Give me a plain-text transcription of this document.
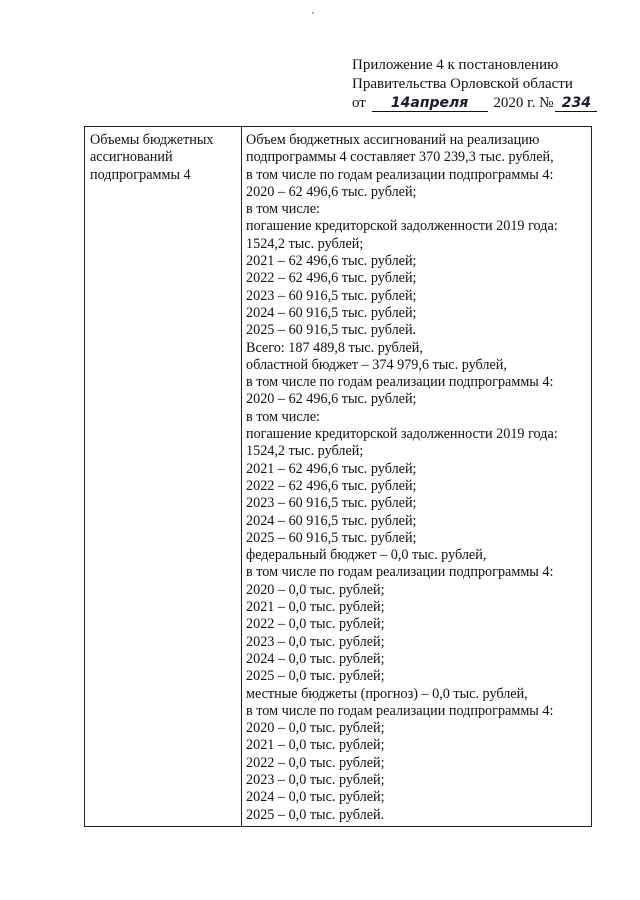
Приложение 4 к постановлению
Правительства Орловской области
от 14апреля 2020 г. № 234
Объемы бюджетных
ассигнований
подпрограммы 4
Объем бюджетных ассигнований на реализацию
подпрограммы 4 составляет 370 239,3 тыс. рублей,
в том числе по годам реализации подпрограммы 4:
2020 – 62 496,6 тыс. рублей;
в том числе:
погашение кредиторской задолженности 2019 года:
1524,2 тыс. рублей;
2021 – 62 496,6 тыс. рублей;
2022 – 62 496,6 тыс. рублей;
2023 – 60 916,5 тыс. рублей;
2024 – 60 916,5 тыс. рублей;
2025 – 60 916,5 тыс. рублей.
Всего: 187 489,8 тыс. рублей,
областной бюджет – 374 979,6 тыс. рублей,
в том числе по годам реализации подпрограммы 4:
2020 – 62 496,6 тыс. рублей;
в том числе:
погашение кредиторской задолженности 2019 года:
1524,2 тыс. рублей;
2021 – 62 496,6 тыс. рублей;
2022 – 62 496,6 тыс. рублей;
2023 – 60 916,5 тыс. рублей;
2024 – 60 916,5 тыс. рублей;
2025 – 60 916,5 тыс. рублей;
федеральный бюджет – 0,0 тыс. рублей,
в том числе по годам реализации подпрограммы 4:
2020 – 0,0 тыс. рублей;
2021 – 0,0 тыс. рублей;
2022 – 0,0 тыс. рублей;
2023 – 0,0 тыс. рублей;
2024 – 0,0 тыс. рублей;
2025 – 0,0 тыс. рублей;
местные бюджеты (прогноз) – 0,0 тыс. рублей,
в том числе по годам реализации подпрограммы 4:
2020 – 0,0 тыс. рублей;
2021 – 0,0 тыс. рублей;
2022 – 0,0 тыс. рублей;
2023 – 0,0 тыс. рублей;
2024 – 0,0 тыс. рублей;
2025 – 0,0 тыс. рублей.
